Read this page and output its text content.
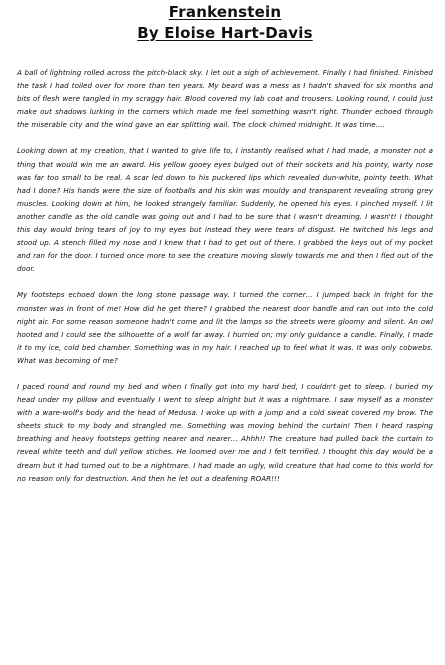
Frankenstein
By Eloise Hart-Davis

A ball of lightning rolled across the pitch-black sky. I let out a sigh of achievement. Finally I had finished. Finished the task I had toiled over for more than ten years. My beard was a mess as I hadn't shaved for six months and bits of flesh were tangled in my scraggy hair. Blood covered my lab coat and trousers. Looking round, I could just make out shadows lurking in the corners which made me feel something wasn't right. Thunder echoed through the miserable city and the wind gave an ear splitting wail. The clock chimed midnight. It was time….

Looking down at my creation, that I wanted to give life to, I instantly realised what I had made, a monster not a thing that would win me an award. His yellow gooey eyes bulged out of their sockets and his pointy, warty nose was far too small to be real. A scar led down to his puckered lips which revealed dun-white, pointy teeth. What had I done? His hands were the size of footballs and his skin was mouldy and transparent revealing strong grey muscles. Looking down at him, he looked strangely familiar. Suddenly, he opened his eyes. I pinched myself. I lit another candle as the old candle was going out and I had to be sure that I wasn't dreaming. I wasn't! I thought this day would bring tears of joy to my eyes but instead they were tears of disgust. He twitched his legs and stood up. A stench filled my nose and I knew that I had to get out of there. I grabbed the keys out of my pocket and ran for the door. I turned once more to see the creature moving slowly towards me and then I fled out of the door.

My footsteps echoed down the long stone passage way. I turned the corner… I jumped back in fright for the monster was in front of me! How did he get there? I grabbed the nearest door handle and ran out into the cold night air. For some reason someone hadn't come and lit the lamps so the streets were gloomy and silent. An owl hooted and I could see the silhouette of a wolf far away. I hurried on; my only guidance a candle. Finally, I made it to my ice, cold bed chamber. Something was in my hair. I reached up to feel what it was. It was only cobwebs. What was becoming of me?

I paced round and round my bed and when I finally got into my hard bed, I couldn't get to sleep. I buried my head under my pillow and eventually I went to sleep alright but it was a nightmare. I saw myself as a monster with a ware-wolf's body and the head of Medusa. I woke up with a jump and a cold sweat covered my brow. The sheets stuck to my body and strangled me. Something was moving behind the curtain! Then I heard rasping breathing and heavy footsteps getting nearer and nearer… Ahhh!! The creature had pulled back the curtain to reveal white teeth and dull yellow stiches. He loomed over me and I felt terrified. I thought this day would be a dream but it had turned out to be a nightmare. I had made an ugly, wild creature that had come to this world for no reason only for destruction. And then he let out a deafening ROAR!!!
